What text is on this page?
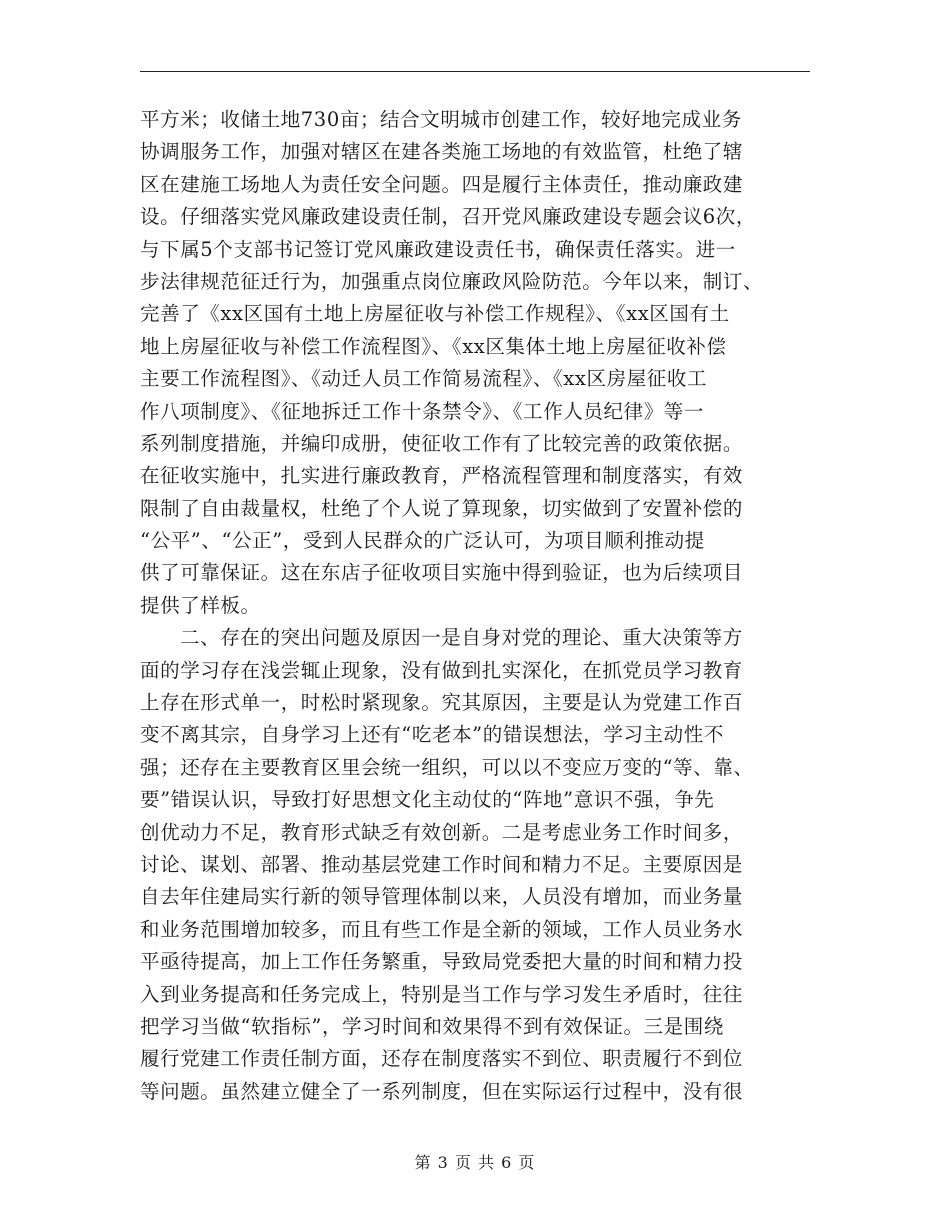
平方米；收储土地730亩；结合文明城市创建工作，较好地完成业务
协调服务工作，加强对辖区在建各类施工场地的有效监管，杜绝了辖
区在建施工场地人为责任安全问题。四是履行主体责任，推动廉政建
设。仔细落实党风廉政建设责任制，召开党风廉政建设专题会议6次，
与下属5个支部书记签订党风廉政建设责任书，确保责任落实。进一
步法律规范征迁行为，加强重点岗位廉政风险防范。今年以来，制订、
完善了《xx区国有土地上房屋征收与补偿工作规程》、《xx区国有土
地上房屋征收与补偿工作流程图》、《xx区集体土地上房屋征收补偿
主要工作流程图》、《动迁人员工作简易流程》、《xx区房屋征收工
作八项制度》、《征地拆迁工作十条禁令》、《工作人员纪律》等一
系列制度措施，并编印成册，使征收工作有了比较完善的政策依据。
在征收实施中，扎实进行廉政教育，严格流程管理和制度落实，有效
限制了自由裁量权，杜绝了个人说了算现象，切实做到了安置补偿的
“公平”、“公正”，受到人民群众的广泛认可，为项目顺利推动提
供了可靠保证。这在东店子征收项目实施中得到验证，也为后续项目
提供了样板。
二、存在的突出问题及原因一是自身对党的理论、重大决策等方
面的学习存在浅尝辄止现象，没有做到扎实深化，在抓党员学习教育
上存在形式单一，时松时紧现象。究其原因，主要是认为党建工作百
变不离其宗，自身学习上还有“吃老本”的错误想法，学习主动性不
强；还存在主要教育区里会统一组织，可以以不变应万变的“等、靠、
要”错误认识，导致打好思想文化主动仗的“阵地”意识不强，争先
创优动力不足，教育形式缺乏有效创新。二是考虑业务工作时间多，
讨论、谋划、部署、推动基层党建工作时间和精力不足。主要原因是
自去年住建局实行新的领导管理体制以来，人员没有增加，而业务量
和业务范围增加较多，而且有些工作是全新的领域，工作人员业务水
平亟待提高，加上工作任务繁重，导致局党委把大量的时间和精力投
入到业务提高和任务完成上，特别是当工作与学习发生矛盾时，往往
把学习当做“软指标”，学习时间和效果得不到有效保证。三是围绕
履行党建工作责任制方面，还存在制度落实不到位、职责履行不到位
等问题。虽然建立健全了一系列制度，但在实际运行过程中，没有很
第 3 页 共 6 页
